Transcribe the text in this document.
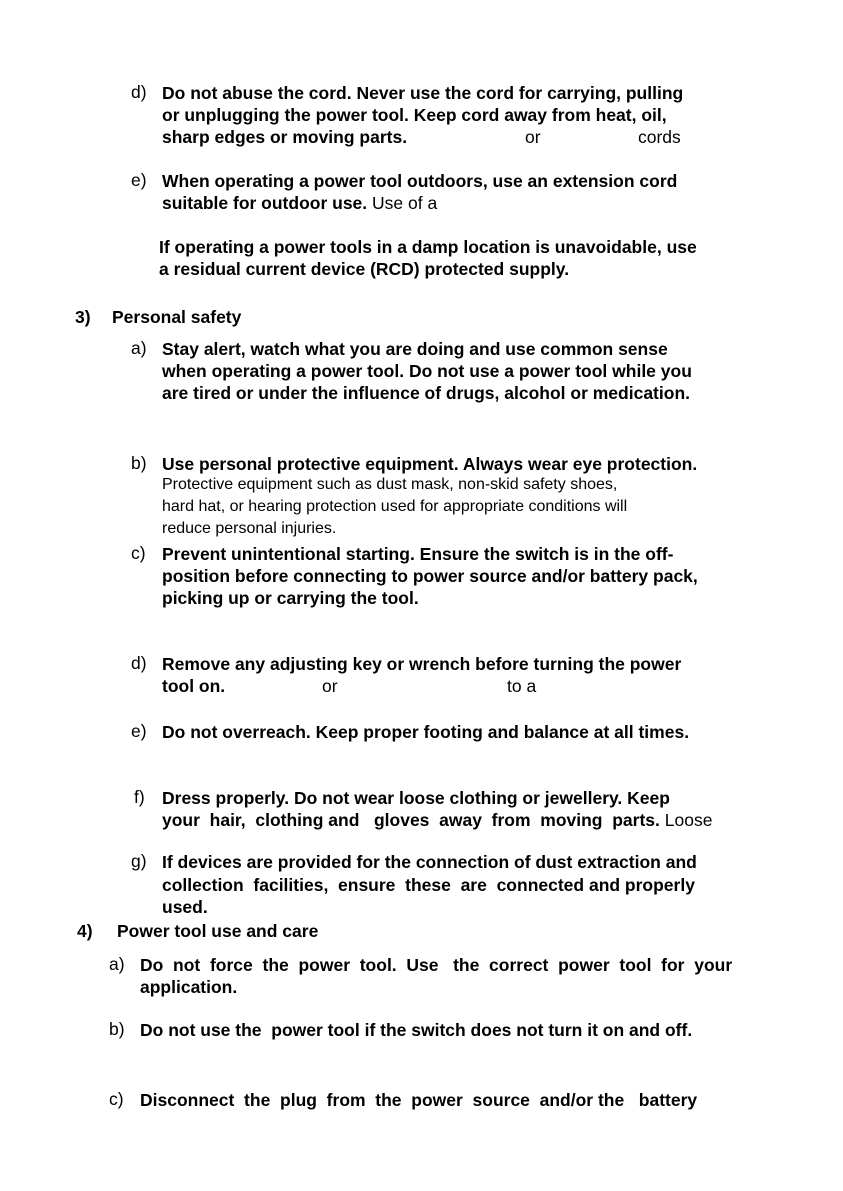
d) Do not abuse the cord. Never use the cord for carrying, pulling
or unplugging the power tool. Keep cord away from heat, oil,
sharp edges or moving parts.	or	cords
e) When operating a power tool outdoors, use an extension cord
suitable for outdoor use. Use of a
If operating a power tools in a damp location is unavoidable, use
a residual current device (RCD) protected supply.
3) Personal safety
a) Stay alert, watch what you are doing and use common sense
when operating a power tool. Do not use a power tool while you
are tired or under the influence of drugs, alcohol or medication.
b) Use personal protective equipment. Always wear eye protection.
Protective equipment such as dust mask, non-skid safety shoes,
hard hat, or hearing protection used for appropriate conditions will
reduce personal injuries.
c) Prevent unintentional starting. Ensure the switch is in the off-
position before connecting to power source and/or battery pack,
picking up or carrying the tool.
d) Remove any adjusting key or wrench before turning the power
tool on.	or	to a
e) Do not overreach. Keep proper footing and balance at all times.
f) Dress properly. Do not wear loose clothing or jewellery. Keep
your  hair,  clothing and   gloves  away  from  moving  parts. Loose
g) If devices are provided for the connection of dust extraction and
collection  facilities,  ensure  these  are  connected and properly
used.
4) Power tool use and care
a) Do  not  force  the  power  tool.  Use   the  correct  power  tool  for  your
application.
b) Do not use the  power tool if the switch does not turn it on and off.
c) Disconnect  the  plug  from  the  power  source  and/or the   battery
